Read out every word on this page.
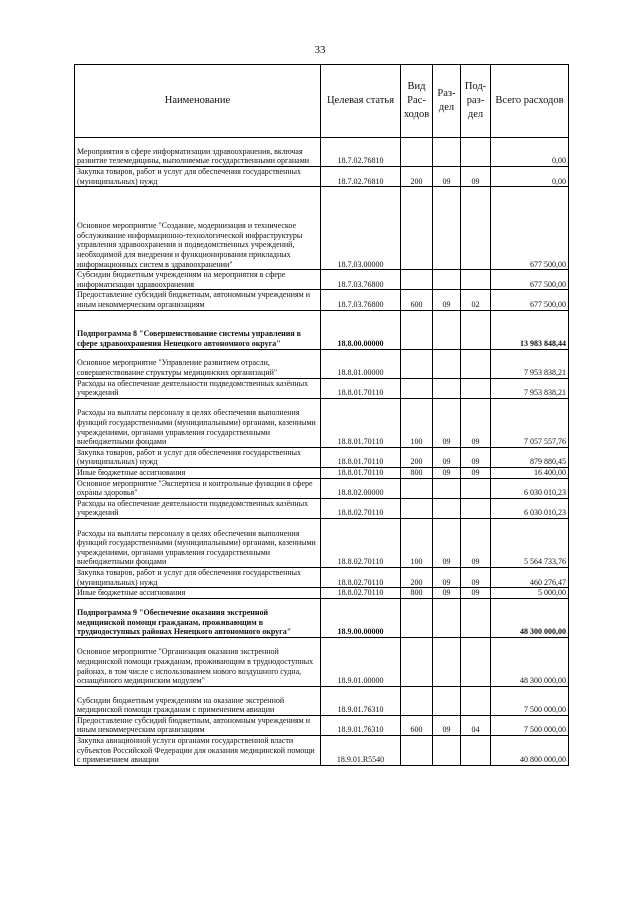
33
Наименование	Целевая статья	Вид Рас- ходов	Раз- дел	Под- раз- дел	Всего расходов
Мероприятия в сфере информатизации здравоохранения, включая развитие телемедицины, выполняемые государственными органами	18.7.02.76810				0,00
Закупка товаров, работ и услуг для обеспечения государственных (муниципальных) нужд	18.7.02.76810	200	09	09	0,00
Основное мероприятие "Создание, модернизация и техническое обслуживание информационно-технологической инфраструктуры управления здравоохранения и подведомственных учреждений, необходимой для внедрения и функционирования прикладных информационных систем в здравоохранении"	18.7.03.00000				677 500,00
Субсидии бюджетным учреждениям на мероприятия в сфере информатизации здравоохранения	18.7.03.76800				677 500,00
Предоставление субсидий бюджетным, автономным учреждениям и иным некоммерческим организациям	18.7.03.76800	600	09	02	677 500,00
Подпрограмма 8 "Совершенствование системы управления в сфере здравоохранения Ненецкого автономного округа"	18.8.00.00000				13 983 848,44
Основное мероприятие "Управление развитием отрасли, совершенствование структуры медицинских организаций"	18.8.01.00000				7 953 838,21
Расходы на обеспечение деятельности подведомственных казённых учреждений	18.8.01.70110				7 953 838,21
Расходы на выплаты персоналу в целях обеспечения выполнения функций государственными (муниципальными) органами, казенными учреждениями, органами управления государственными внебюджетными фондами	18.8.01.70110	100	09	09	7 057 557,76
Закупка товаров, работ и услуг для обеспечения государственных (муниципальных) нужд	18.8.01.70110	200	09	09	879 880,45
Иные бюджетные ассигнования	18.8.01.70110	800	09	09	16 400,00
Основное мероприятие "Экспертиза и контрольные функции в сфере охраны здоровья"	18.8.02.00000				6 030 010,23
Расходы на обеспечение деятельности подведомственных казённых учреждений	18.8.02.70110				6 030 010,23
Расходы на выплаты персоналу в целях обеспечения выполнения функций государственными (муниципальными) органами, казенными учреждениями, органами управления государственными внебюджетными фондами	18.8.02.70110	100	09	09	5 564 733,76
Закупка товаров, работ и услуг для обеспечения государственных (муниципальных) нужд	18.8.02.70110	200	09	09	460 276,47
Иные бюджетные ассигнования	18.8.02.70110	800	09	09	5 000,00
Подпрограмма 9 "Обеспечение оказания экстренной медицинской помощи гражданам, проживающим в труднодоступных районах Ненецкого автономного округа"	18.9.00.00000				48 300 000,00
Основное мероприятие "Организация оказания экстренной медицинской помощи гражданам, проживающим в труднодоступных районах, в том числе с использованием нового воздушного судна, оснащённого медицинским модулем"	18.9.01.00000				48 300 000,00
Субсидии бюджетным учреждениям на оказание экстренной медицинской помощи гражданам с применением авиации	18.9.01.76310				7 500 000,00
Предоставление субсидий бюджетным, автономным учреждениям и иным некоммерческим организациям	18.9.01.76310	600	09	04	7 500 000,00
Закупка авиационной услуги органами государственной власти субъектов Российской Федерации для оказания медицинской помощи с применением авиации	18.9.01.R5540				40 800 000,00
